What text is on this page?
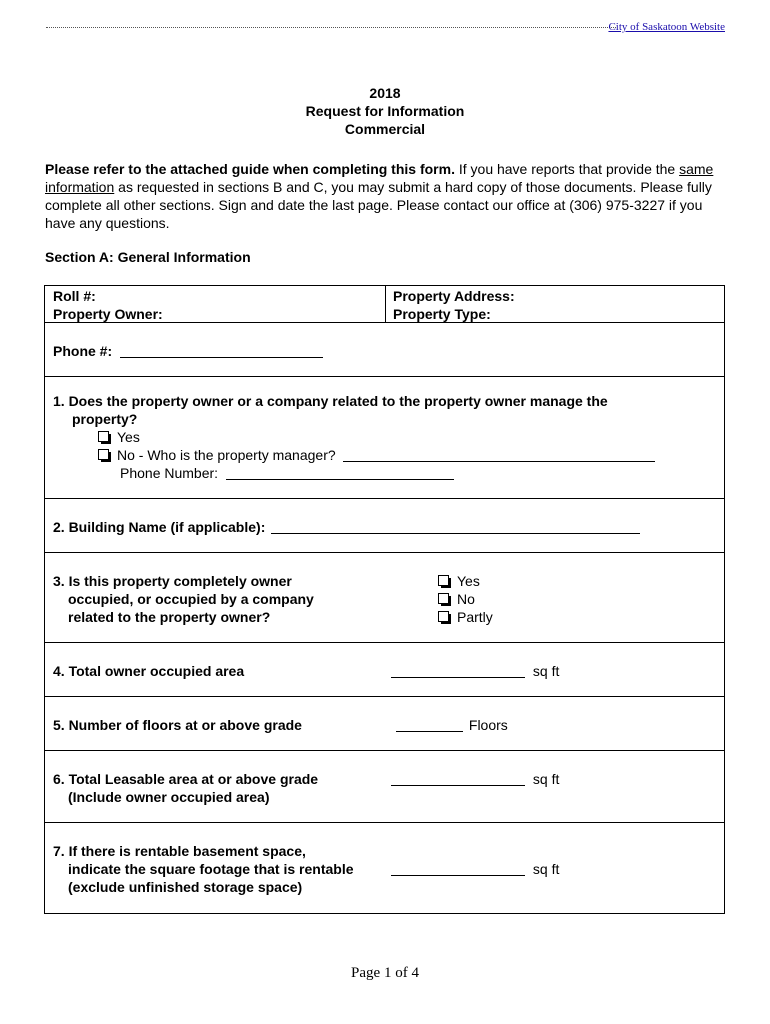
City of Saskatoon Website
2018
Request for Information
Commercial
Please refer to the attached guide when completing this form. If you have reports that provide the same information as requested in sections B and C, you may submit a hard copy of those documents. Please fully complete all other sections. Sign and date the last page. Please contact our office at (306) 975-3227 if you have any questions.
Section A: General Information
Roll #:
Property Owner:
Property Address:
Property Type:
Phone #:
1. Does the property owner or a company related to the property owner manage the
property?
Yes
No - Who is the property manager?
Phone Number:
2. Building Name (if applicable):
3. Is this property completely owner
occupied, or occupied by a company
related to the property owner?
Yes
No
Partly
4. Total owner occupied area	sq ft
5. Number of floors at or above grade	Floors
6. Total Leasable area at or above grade
(Include owner occupied area)
sq ft
7. If there is rentable basement space,
indicate the square footage that is rentable
(exclude unfinished storage space)
sq ft
Page 1 of 4
